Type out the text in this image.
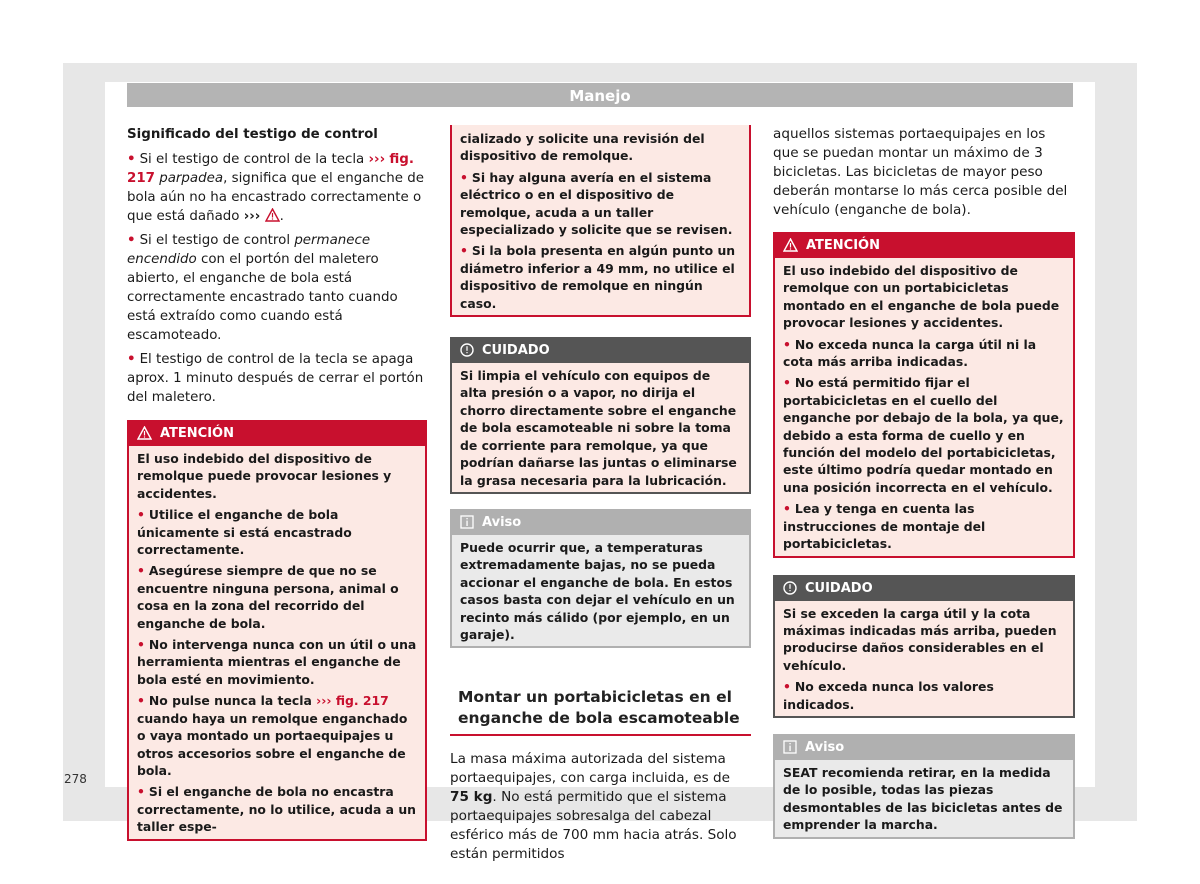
Manejo

Significado del testigo de control

• Si el testigo de control de la tecla ››› fig. 217 parpadea, significa que el enganche de bola aún no ha encastrado correctamente o que está dañado ››› .

• Si el testigo de control permanece encendido con el portón del maletero abierto, el enganche de bola está correctamente encastrado tanto cuando está extraído como cuando está escamoteado.

• El testigo de control de la tecla se apaga aprox. 1 minuto después de cerrar el portón del maletero.

ATENCIÓN

El uso indebido del dispositivo de remolque puede provocar lesiones y accidentes.

• Utilice el enganche de bola únicamente si está encastrado correctamente.

• Asegúrese siempre de que no se encuentre ninguna persona, animal o cosa en la zona del recorrido del enganche de bola.

• No intervenga nunca con un útil o una herramienta mientras el enganche de bola esté en movimiento.

• No pulse nunca la tecla ››› fig. 217 cuando haya un remolque enganchado o vaya montado un portaequipajes u otros accesorios sobre el enganche de bola.

• Si el enganche de bola no encastra correctamente, no lo utilice, acuda a un taller espe-

cializado y solicite una revisión del dispositivo de remolque.

• Si hay alguna avería en el sistema eléctrico o en el dispositivo de remolque, acuda a un taller especializado y solicite que se revisen.

• Si la bola presenta en algún punto un diámetro inferior a 49 mm, no utilice el dispositivo de remolque en ningún caso.

CUIDADO

Si limpia el vehículo con equipos de alta presión o a vapor, no dirija el chorro directamente sobre el enganche de bola escamoteable ni sobre la toma de corriente para remolque, ya que podrían dañarse las juntas o eliminarse la grasa necesaria para la lubricación.

Aviso

Puede ocurrir que, a temperaturas extremadamente bajas, no se pueda accionar el enganche de bola. En estos casos basta con dejar el vehículo en un recinto más cálido (por ejemplo, en un garaje).

Montar un portabicicletas en el enganche de bola escamoteable

La masa máxima autorizada del sistema portaequipajes, con carga incluida, es de 75 kg. No está permitido que el sistema portaequipajes sobresalga del cabezal esférico más de 700 mm hacia atrás. Solo están permitidos

aquellos sistemas portaequipajes en los que se puedan montar un máximo de 3 bicicletas. Las bicicletas de mayor peso deberán montarse lo más cerca posible del vehículo (enganche de bola).

ATENCIÓN

El uso indebido del dispositivo de remolque con un portabicicletas montado en el enganche de bola puede provocar lesiones y accidentes.

• No exceda nunca la carga útil ni la cota más arriba indicadas.

• No está permitido fijar el portabicicletas en el cuello del enganche por debajo de la bola, ya que, debido a esta forma de cuello y en función del modelo del portabicicletas, este último podría quedar montado en una posición incorrecta en el vehículo.

• Lea y tenga en cuenta las instrucciones de montaje del portabicicletas.

CUIDADO

Si se exceden la carga útil y la cota máximas indicadas más arriba, pueden producirse daños considerables en el vehículo.

• No exceda nunca los valores indicados.

Aviso

SEAT recomienda retirar, en la medida de lo posible, todas las piezas desmontables de las bicicletas antes de emprender la marcha.

278
